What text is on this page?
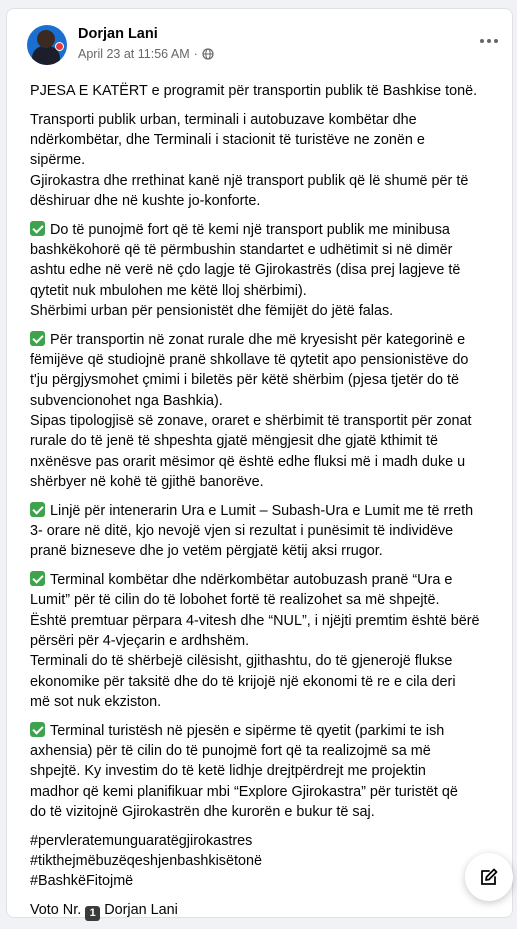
Dorjan Lani
April 23 at 11:56 AM ·
PJESA E KATËRT e programit për transportin publik të Bashkise tonë.
Transporti publik urban, terminali i autobuzave kombëtar dhe
ndërkombëtar, dhe Terminali i stacionit të turistëve ne zonën e
sipërme.
Gjirokastra dhe rrethinat kanë një transport publik që lë shumë për të
dëshiruar dhe në kushte jo-konforte.
Do të punojmë fort që të kemi një transport publik me minibusa
bashkëkohorë që të përmbushin standartet e udhëtimit si në dimër
ashtu edhe në verë në çdo lagje të Gjirokastrës (disa prej lagjeve të
qytetit nuk mbulohen me këtë lloj shërbimi).
Shërbimi urban për pensionistët dhe fëmijët do jëtë falas.
Për transportin në zonat rurale dhe më kryesisht për kategorinë e
fëmijëve që studiojnë pranë shkollave të qytetit apo pensionistëve do
t'ju përgjysmohet çmimi i biletës për këtë shërbim (pjesa tjetër do të
subvencionohet nga Bashkia).
Sipas tipologjisë së zonave, oraret e shërbimit të transportit për zonat
rurale do të jenë të shpeshta gjatë mëngjesit dhe gjatë kthimit të
nxënësve pas orarit mësimor që është edhe fluksi më i madh duke u
shërbyer në kohë të gjithë banorëve.
Linjë për intenerarin Ura e Lumit – Subash-Ura e Lumit me të rreth
3- orare në ditë, kjo nevojë vjen si rezultat i punësimit të individëve
pranë bizneseve dhe jo vetëm përgjatë këtij aksi rrugor.
Terminal kombëtar dhe ndërkombëtar autobuzash pranë “Ura e
Lumit” për të cilin do të lobohet fortë të realizohet sa më shpejtë.
Është premtuar përpara 4-vitesh dhe “NUL”, i njëjti premtim është bërë
përsëri për 4-vjeçarin e ardhshëm.
Terminali do të shërbejë cilësisht, gjithashtu, do të gjenerojë flukse
ekonomike për taksitë dhe do të krijojë një ekonomi të re e cila deri
më sot nuk ekziston.
Terminal turistësh në pjesën e sipërme të qyetit (parkimi te ish
axhensia) për të cilin do të punojmë fort që ta realizojmë sa më
shpejtë. Ky investim do të ketë lidhje drejtpërdrejt me projektin
madhor që kemi planifikuar mbi “Explore Gjirokastra” për turistët që
do të vizitojnë Gjirokastrën dhe kurorën e bukur të saj.
#pervleratemunguaratëgjirokastres
#tikthejmëbuzëqeshjenbashkisëtonë
#BashkëFitojmë
Voto Nr. 1 Dorjan Lani
